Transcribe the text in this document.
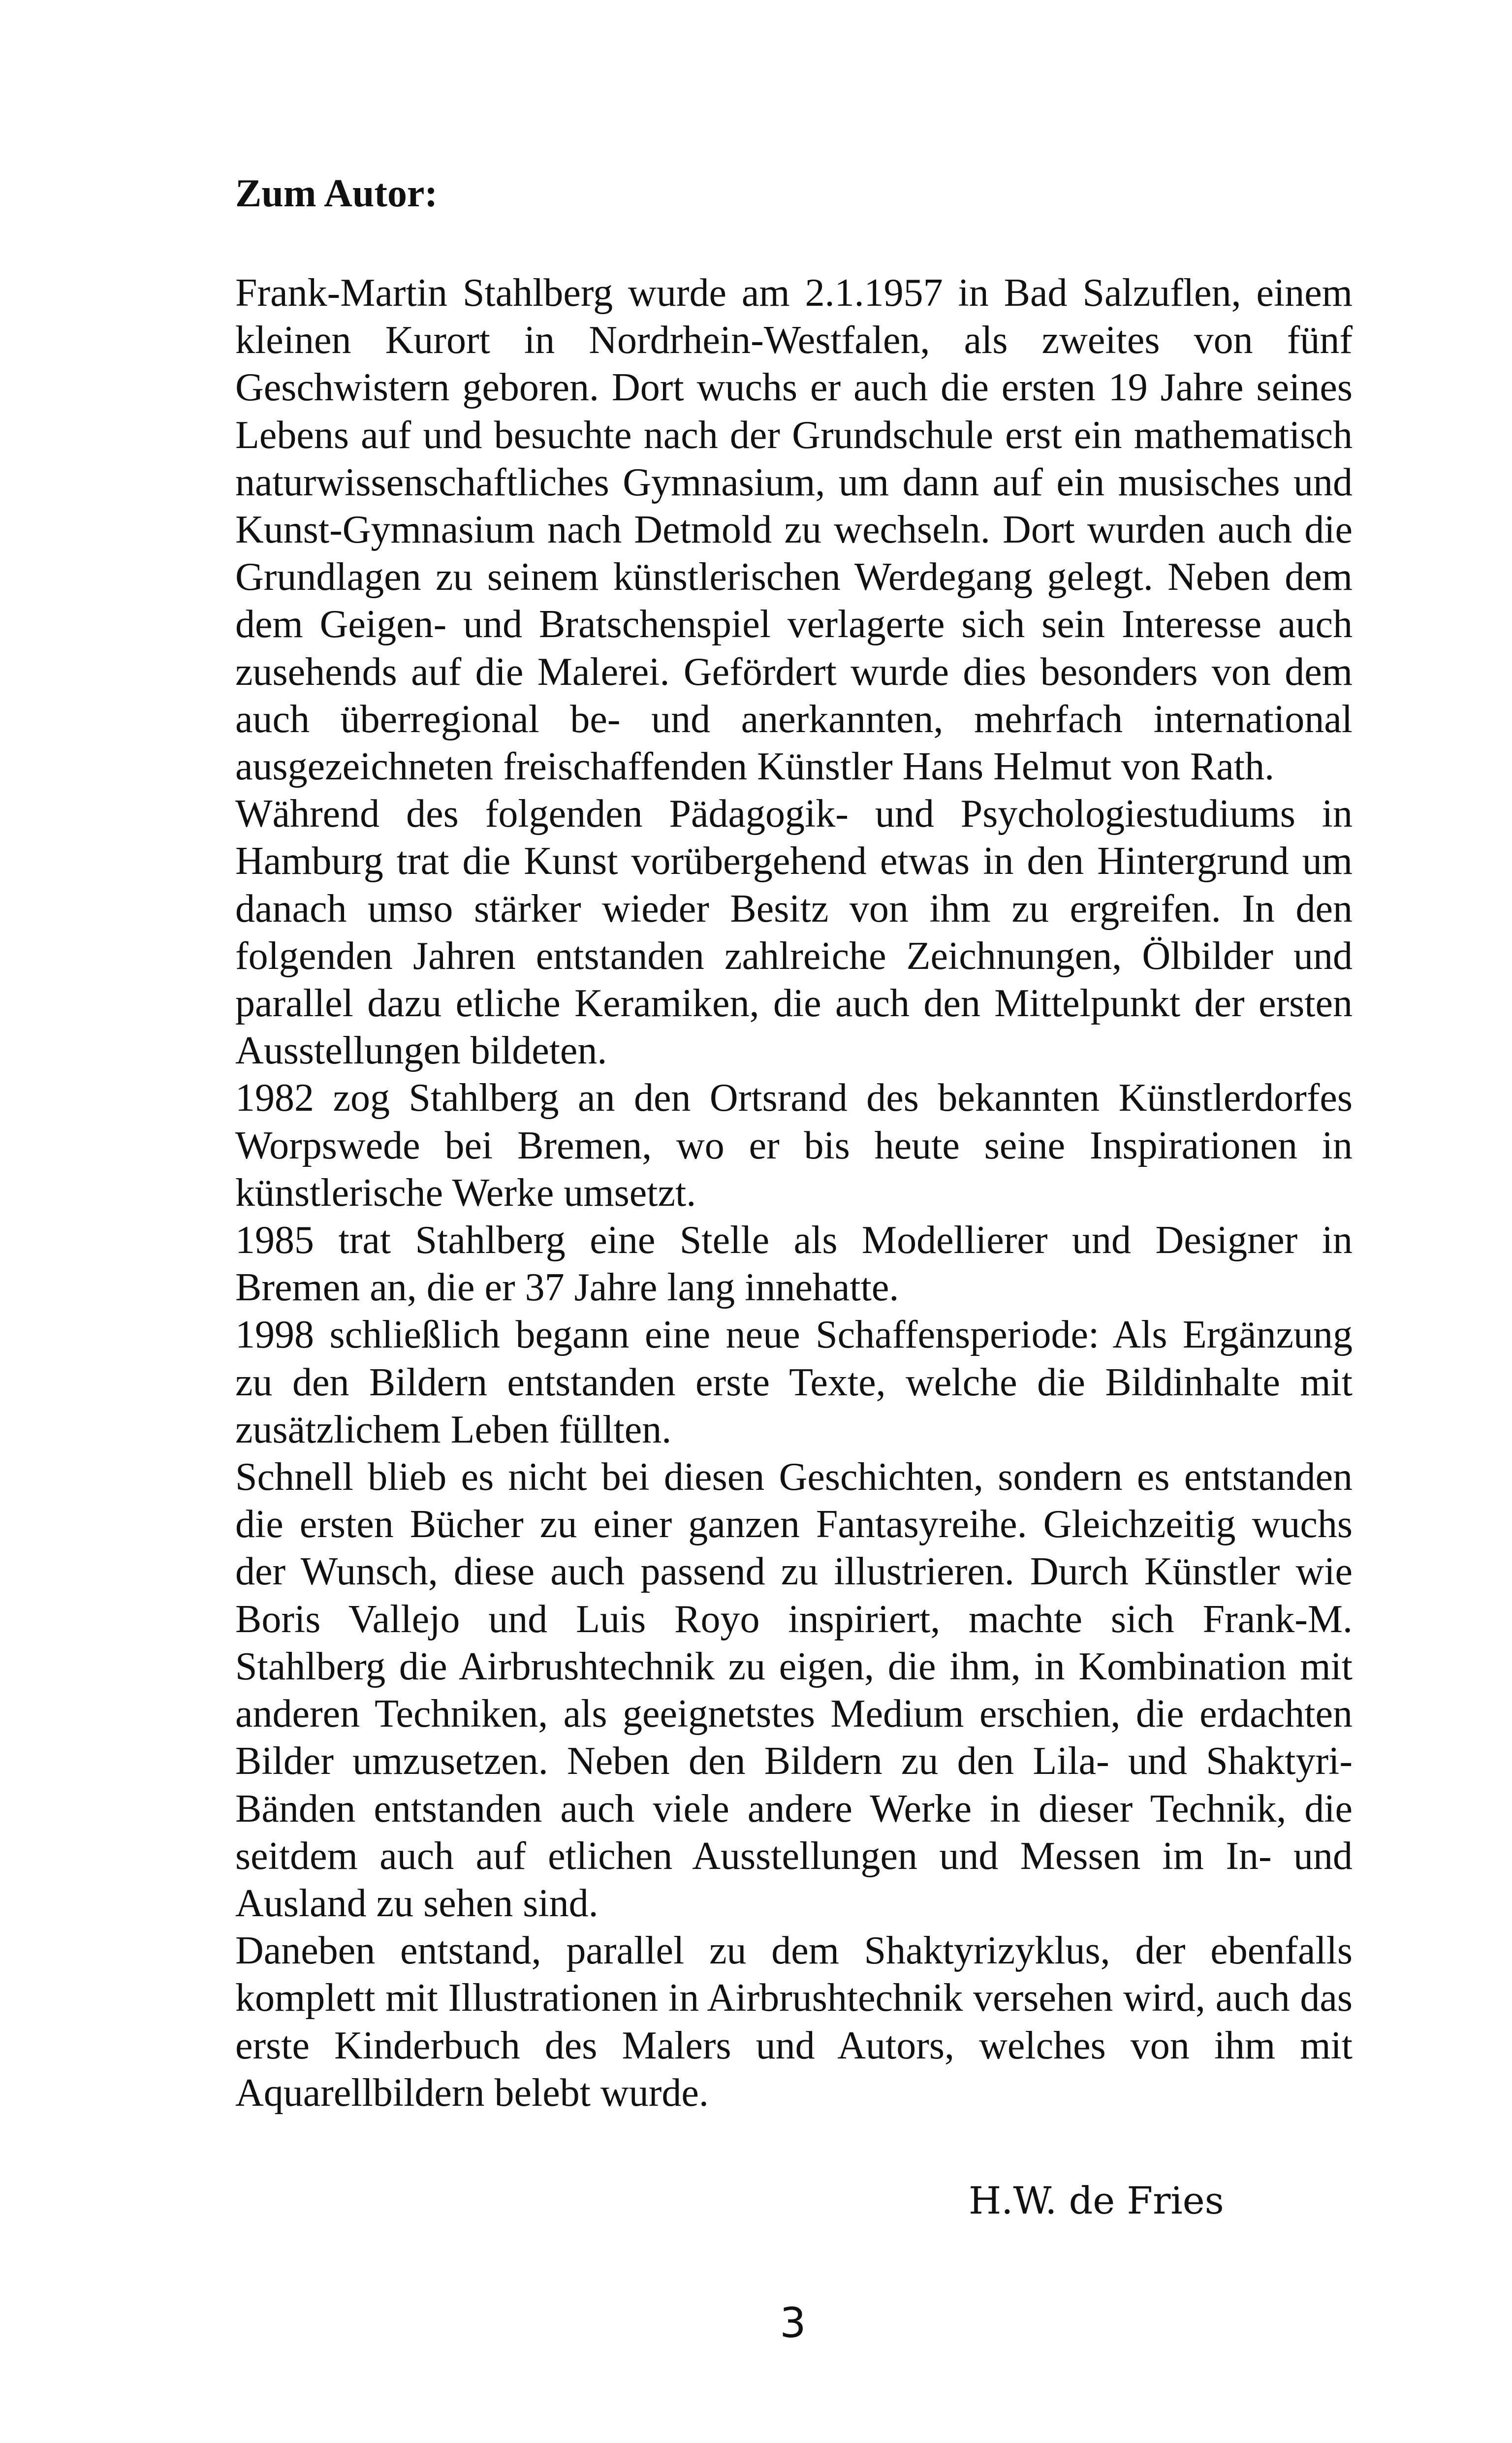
Zum Autor:

Frank-Martin Stahlberg wurde am 2.1.1957 in Bad Salzuflen, einem kleinen Kurort in Nordrhein-Westfalen, als zweites von fünf Geschwistern geboren. Dort wuchs er auch die ersten 19 Jahre seines Lebens auf und besuchte nach der Grundschule erst ein mathematisch naturwissenschaftliches Gymnasium, um dann auf ein musisches und Kunst-Gymnasium nach Detmold zu wechseln. Dort wurden auch die Grundlagen zu seinem künstlerischen Werdegang gelegt. Neben dem dem Geigen- und Bratschenspiel verlagerte sich sein Interesse auch zusehends auf die Malerei. Gefördert wurde dies besonders von dem auch überregional be- und anerkannten, mehrfach international ausgezeichneten freischaffenden Künstler Hans Helmut von Rath.

Während des folgenden Pädagogik- und Psychologiestudiums in Hamburg trat die Kunst vorübergehend etwas in den Hintergrund um danach umso stärker wieder Besitz von ihm zu ergreifen. In den folgenden Jahren entstanden zahlreiche Zeichnungen, Ölbilder und parallel dazu etliche Keramiken, die auch den Mittelpunkt der ersten Ausstellungen bildeten.

1982 zog Stahlberg an den Ortsrand des bekannten Künstlerdorfes Worpswede bei Bremen, wo er bis heute seine Inspirationen in künstlerische Werke umsetzt.

1985 trat Stahlberg eine Stelle als Modellierer und Designer in Bremen an, die er 37 Jahre lang innehatte.

1998 schließlich begann eine neue Schaffensperiode: Als Ergänzung zu den Bildern entstanden erste Texte, welche die Bildinhalte mit zusätzlichem Leben füllten.

Schnell blieb es nicht bei diesen Geschichten, sondern es entstanden die ersten Bücher zu einer ganzen Fantasyreihe. Gleichzeitig wuchs der Wunsch, diese auch passend zu illustrieren. Durch Künstler wie Boris Vallejo und Luis Royo inspiriert, machte sich Frank-M. Stahlberg die Airbrushtechnik zu eigen, die ihm, in Kombination mit anderen Techniken, als geeignetstes Medium erschien, die erdachten Bilder umzusetzen. Neben den Bildern zu den Lila- und Shaktyri-Bänden entstanden auch viele andere Werke in dieser Technik, die seitdem auch auf etlichen Ausstellungen und Messen im In- und Ausland zu sehen sind.

Daneben entstand, parallel zu dem Shaktyrizyklus, der ebenfalls komplett mit Illustrationen in Airbrushtechnik versehen wird, auch das erste Kinderbuch des Malers und Autors, welches von ihm mit Aquarellbildern belebt wurde.

H.W. de Fries
3
